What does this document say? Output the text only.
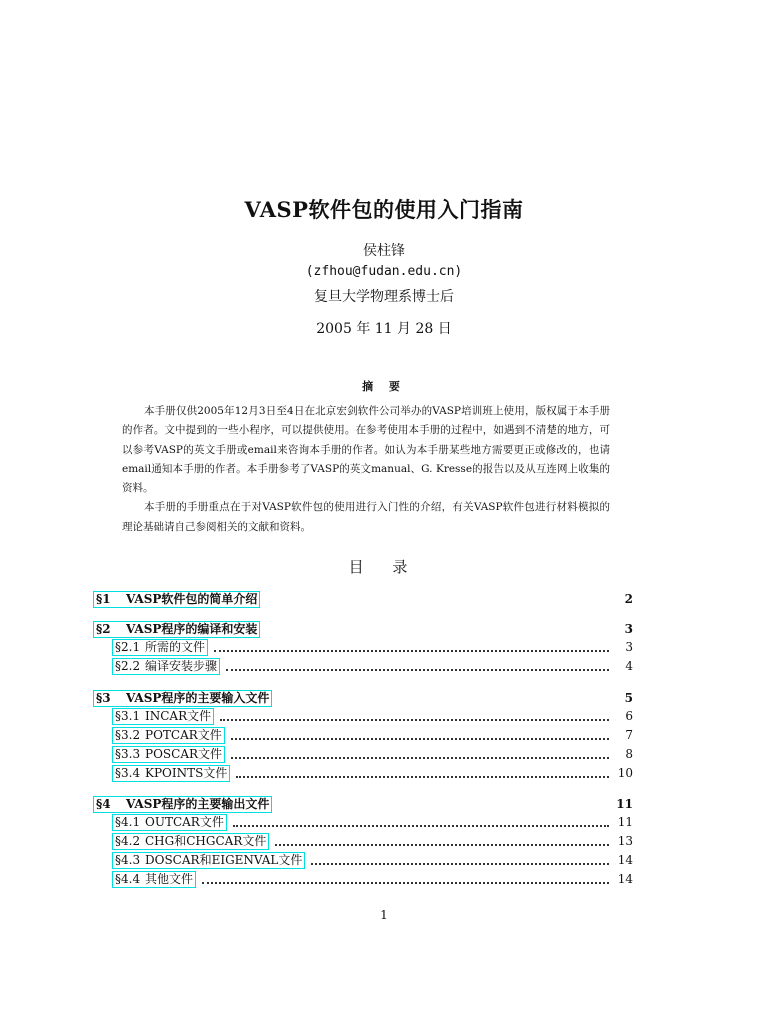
VASP软件包的使用入门指南
侯柱锋
(zfhou@fudan.edu.cn)
复旦大学物理系博士后
2005 年 11 月 28 日
摘 要

本手册仅供2005年12月3日至4日在北京宏剑软件公司举办的VASP培训班上使用，版权属于本手册的作者。文中提到的一些小程序，可以提供使用。在参考使用本手册的过程中，如遇到不清楚的地方，可以参考VASP的英文手册或email来咨询本手册的作者。如认为本手册某些地方需要更正或修改的，也请email通知本手册的作者。本手册参考了VASP的英文manual、G. Kresse的报告以及从互连网上收集的资料。

本手册的手册重点在于对VASP软件包的使用进行入门性的介绍，有关VASP软件包进行材料模拟的理论基础请自己参阅相关的文献和资料。

目 录
§1 VASP软件包的简单介绍	2
§2 VASP程序的编译和安装	3
§2.1 所需的文件	3
§2.2 编译安装步骤	4
§3 VASP程序的主要输入文件	5
§3.1 INCAR文件	6
§3.2 POTCAR文件	7
§3.3 POSCAR文件	8
§3.4 KPOINTS文件	10
§4 VASP程序的主要输出文件	11
§4.1 OUTCAR文件	11
§4.2 CHG和CHGCAR文件	13
§4.3 DOSCAR和EIGENVAL文件	14
§4.4 其他文件	14
1
